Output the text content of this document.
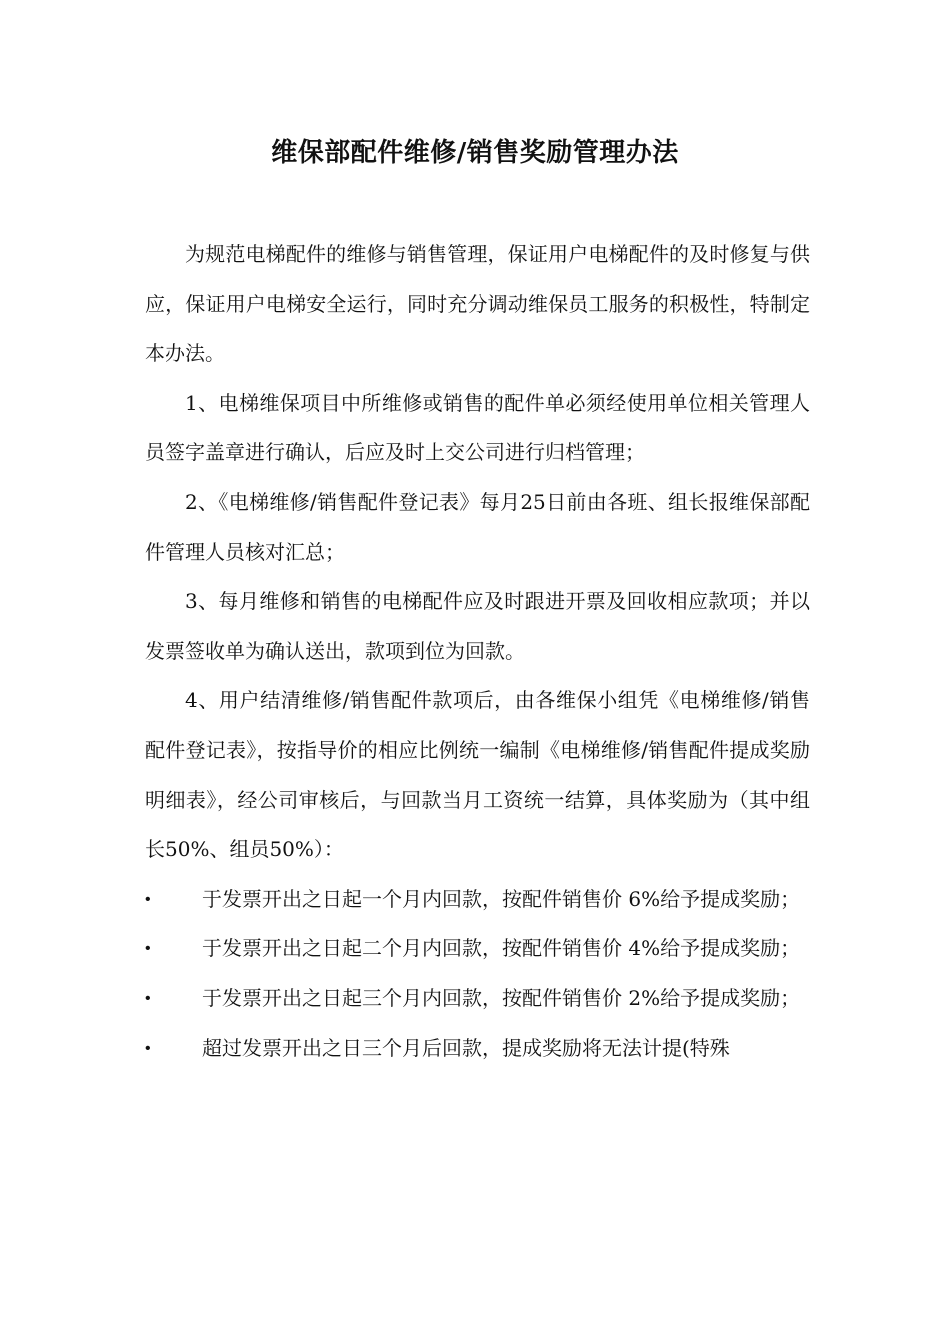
维保部配件维修/销售奖励管理办法

为规范电梯配件的维修与销售管理，保证用户电梯配件的及时修复与供应，保证用户电梯安全运行，同时充分调动维保员工服务的积极性，特制定本办法。

1、电梯维保项目中所维修或销售的配件单必须经使用单位相关管理人员签字盖章进行确认，后应及时上交公司进行归档管理；

2、《电梯维修/销售配件登记表》每月25日前由各班、组长报维保部配件管理人员核对汇总；

3、每月维修和销售的电梯配件应及时跟进开票及回收相应款项；并以发票签收单为确认送出，款项到位为回款。

4、用户结清维修/销售配件款项后，由各维保小组凭《电梯维修/销售配件登记表》，按指导价的相应比例统一编制《电梯维修/销售配件提成奖励明细表》，经公司审核后，与回款当月工资统一结算，具体奖励为（其中组长50%、组员50%）：

•	于发票开出之日起一个月内回款，按配件销售价 6%给予提成奖励；
•	于发票开出之日起二个月内回款，按配件销售价 4%给予提成奖励；
•	于发票开出之日起三个月内回款，按配件销售价 2%给予提成奖励；
•	超过发票开出之日三个月后回款，提成奖励将无法计提(特殊
